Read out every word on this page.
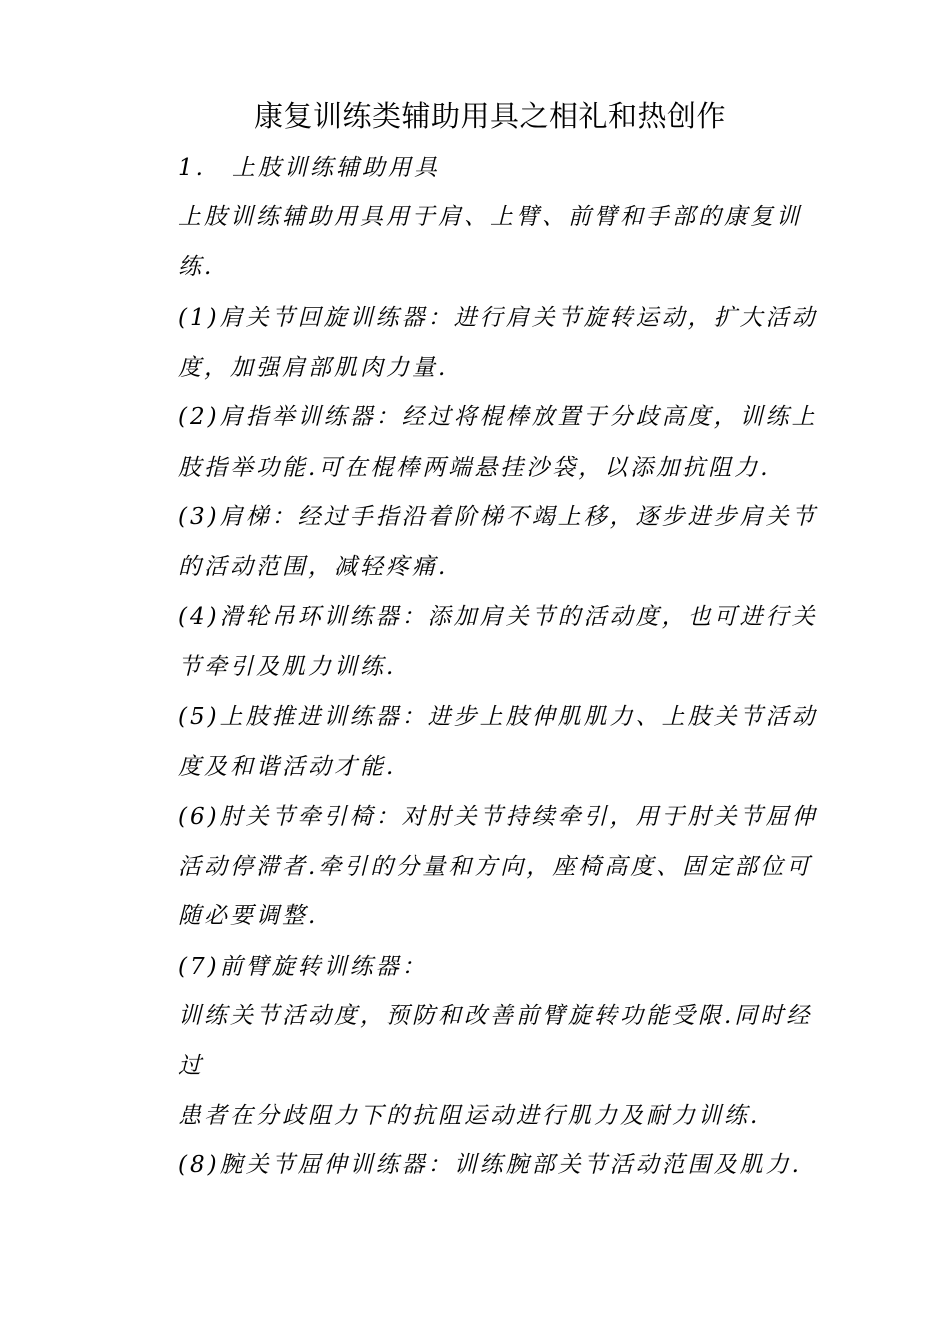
康复训练类辅助用具之相礼和热创作
1.　上肢训练辅助用具
上肢训练辅助用具用于肩、上臂、前臂和手部的康复训
练.
(1)肩关节回旋训练器：进行肩关节旋转运动，扩大活动
度，加强肩部肌肉力量.
(2)肩指举训练器：经过将棍棒放置于分歧高度，训练上
肢指举功能.可在棍棒两端悬挂沙袋，以添加抗阻力.
(3)肩梯：经过手指沿着阶梯不竭上移，逐步进步肩关节
的活动范围，减轻疼痛.
(4)滑轮吊环训练器：添加肩关节的活动度，也可进行关
节牵引及肌力训练.
(5)上肢推进训练器：进步上肢伸肌肌力、上肢关节活动
度及和谐活动才能.
(6)肘关节牵引椅：对肘关节持续牵引，用于肘关节屈伸
活动停滞者.牵引的分量和方向，座椅高度、固定部位可
随必要调整.
(7)前臂旋转训练器：
训练关节活动度，预防和改善前臂旋转功能受限.同时经
过
患者在分歧阻力下的抗阻运动进行肌力及耐力训练.
(8)腕关节屈伸训练器：训练腕部关节活动范围及肌力.
